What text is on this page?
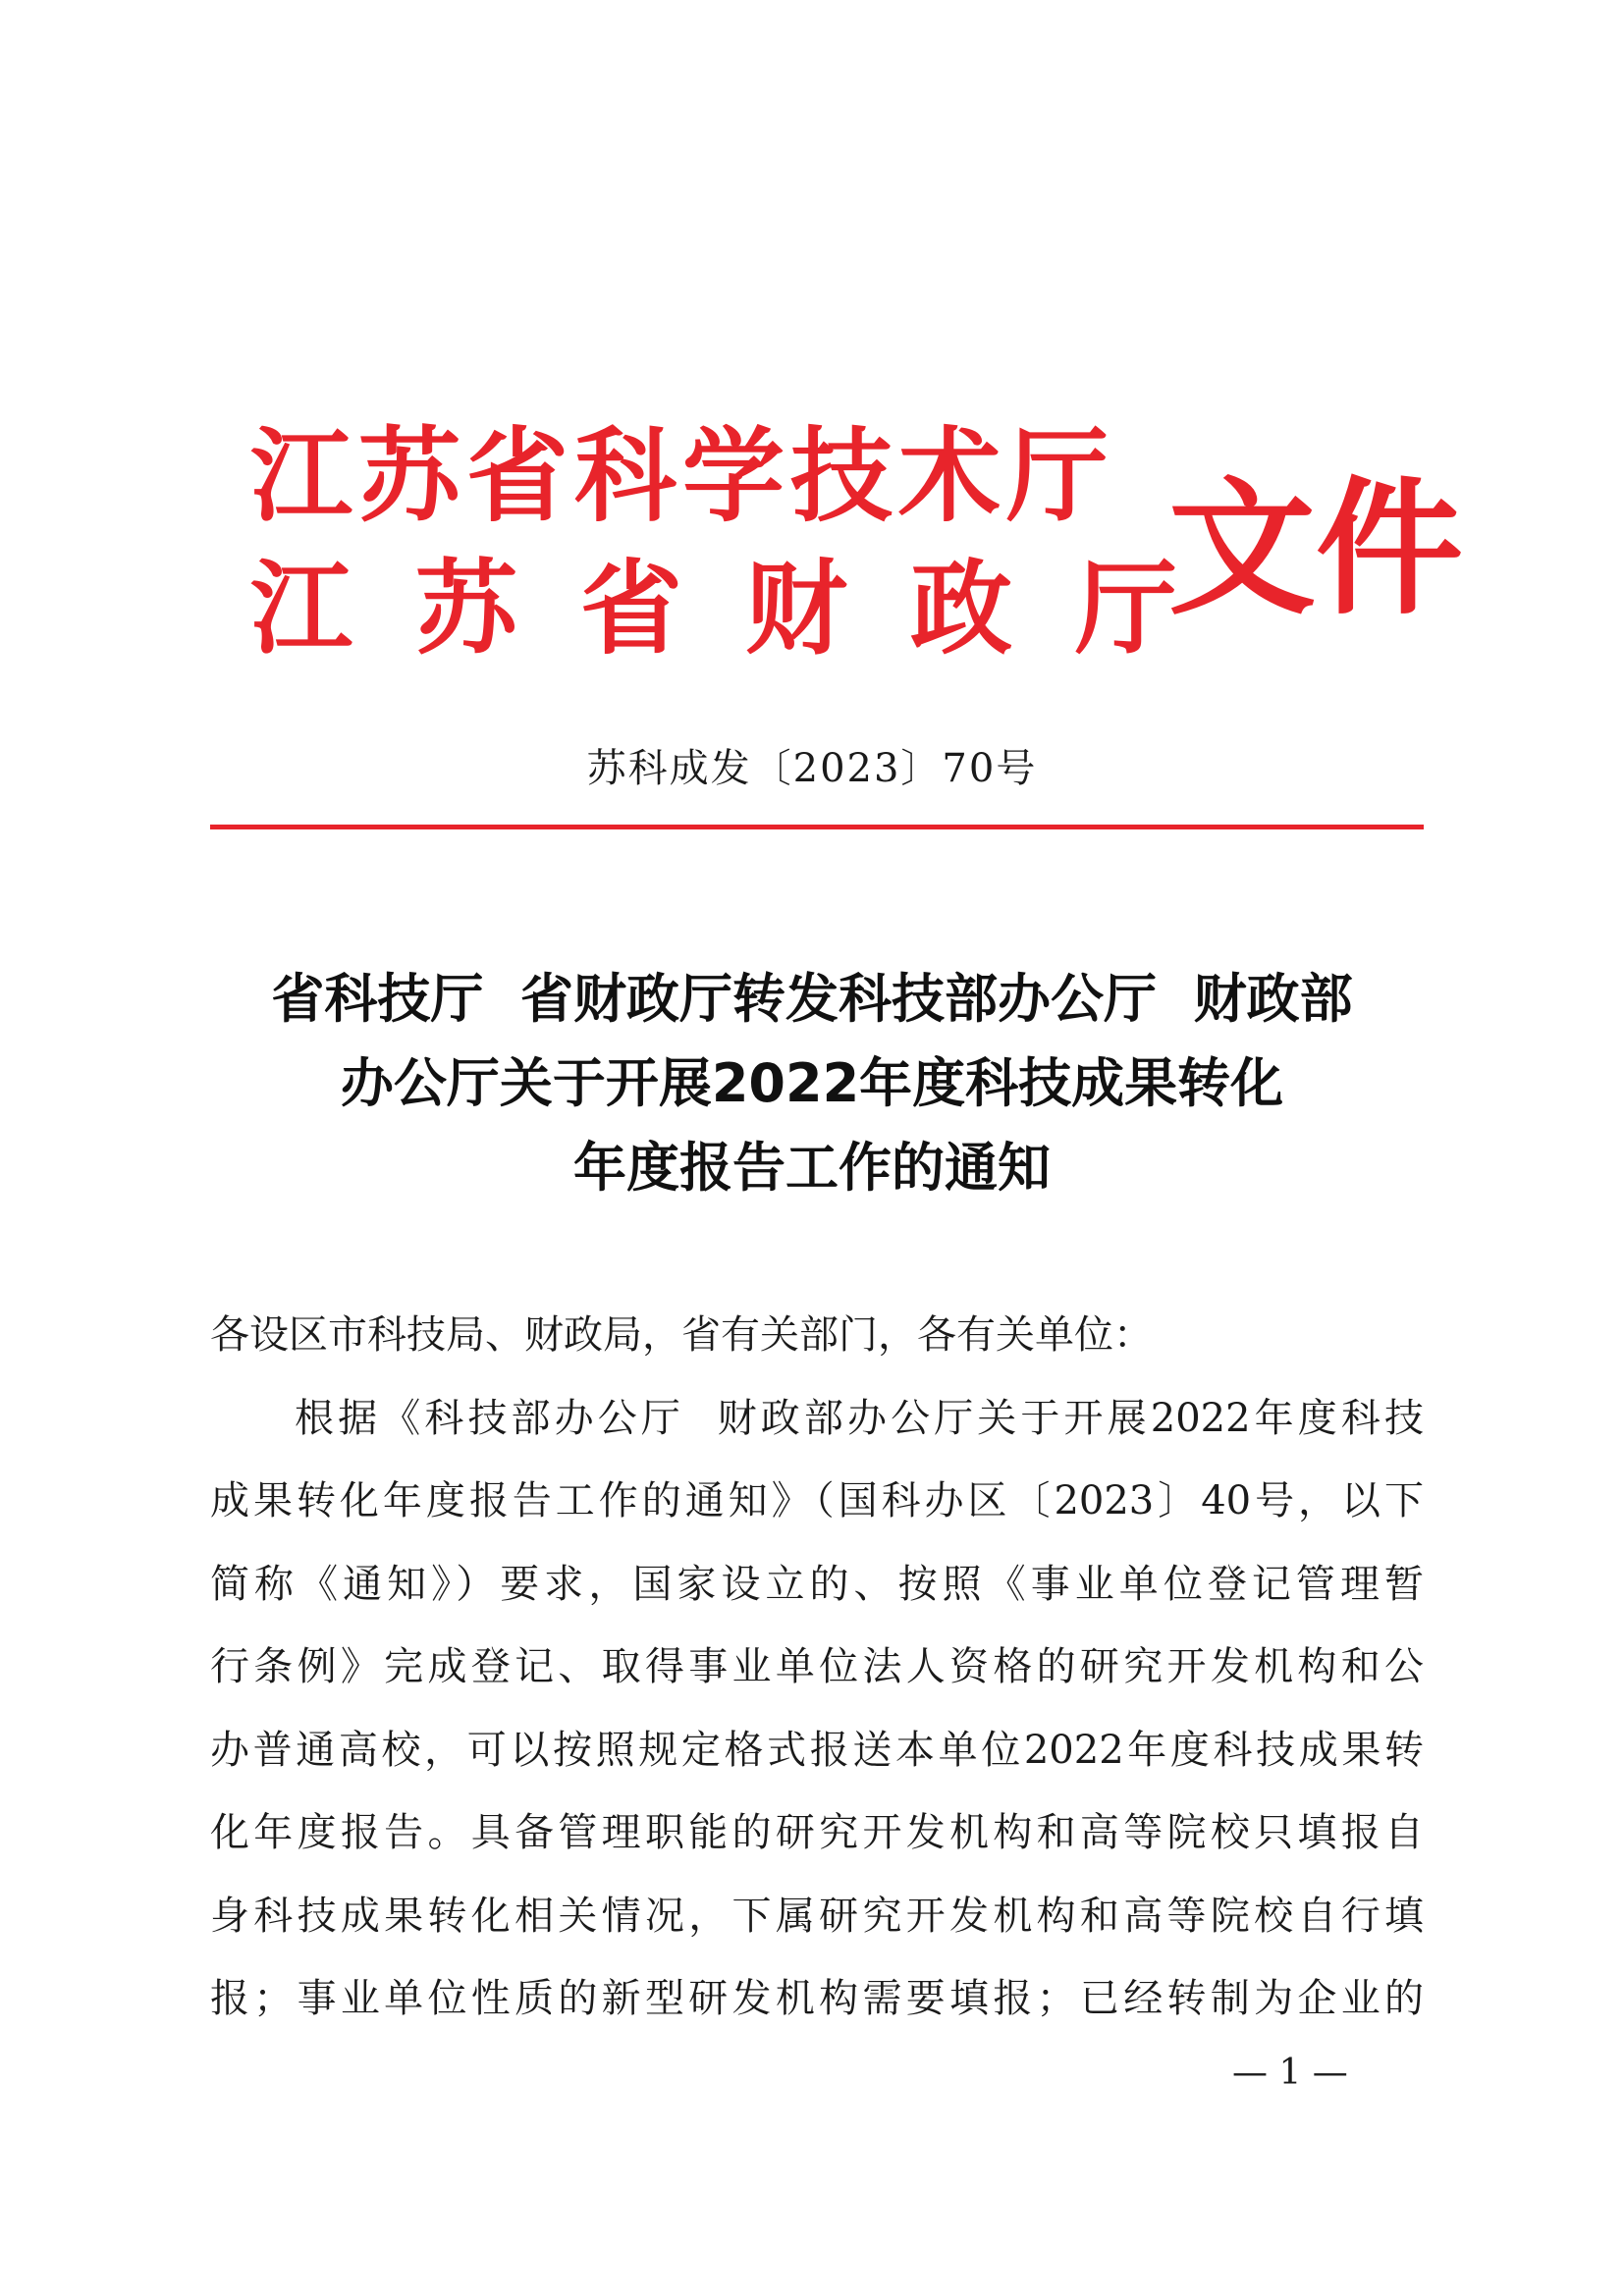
江苏省科学技术厅
江 苏 省 财 政 厅
文件
苏科成发〔2023〕70号
省科技厅  省财政厅转发科技部办公厅  财政部
办公厅关于开展2022年度科技成果转化
年度报告工作的通知

各设区市科技局、财政局，省有关部门，各有关单位：

根据《科技部办公厅  财政部办公厅关于开展2022年度科技

成果转化年度报告工作的通知》（国科办区〔2023〕40号，以下

简称《通知》）要求，国家设立的、按照《事业单位登记管理暂

行条例》完成登记、取得事业单位法人资格的研究开发机构和公

办普通高校，可以按照规定格式报送本单位2022年度科技成果转

化年度报告。具备管理职能的研究开发机构和高等院校只填报自

身科技成果转化相关情况，下属研究开发机构和高等院校自行填

报；事业单位性质的新型研发机构需要填报；已经转制为企业的

— 1 —
